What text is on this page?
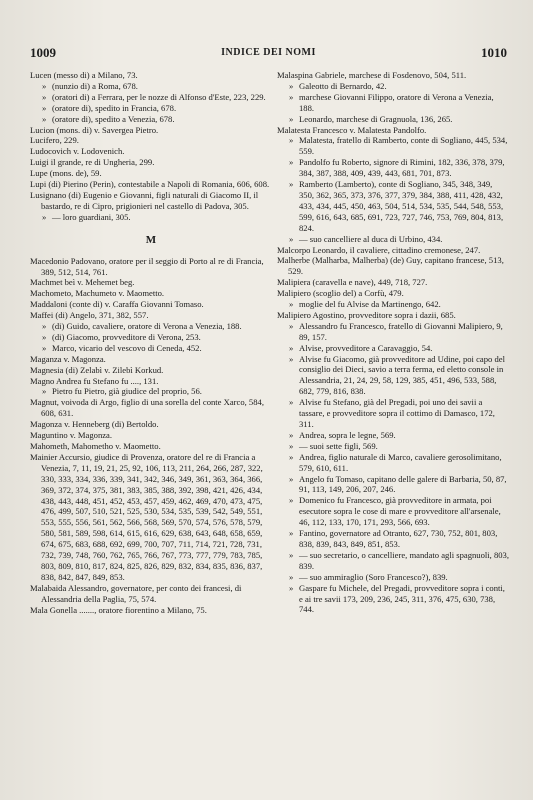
1009	INDICE DEI NOMI	1010
Lucen (messo di) a Milano, 73.
» (nunzio di) a Roma, 678.
» (oratori di) a Ferrara, per le nozze di Alfonso d'Este, 223, 229.
» (oratore di), spedito in Francia, 678.
» (oratore di), spedito a Venezia, 678.
Lucion (mons. di) v. Savergea Pietro.
Lucifero, 229.
Ludocovich v. Lodovenich.
Luigi il grande, re di Ungheria, 299.
Lupe (mons. de), 59.
Lupi (di) Pierino (Perin), contestabile a Napoli di Romania, 606, 608.
Lusignano (di) Eugenio e Giovanni, figli naturali di Giacomo II, il bastardo, re di Cipro, prigionieri nel castello di Padova, 305.
» — loro guardiani, 305.
M
Macedonio Padovano, oratore per il seggio di Porto al re di Francia, 389, 512, 514, 761.
Machmet beì v. Mehemet beg.
Machometo, Machumeto v. Maometto.
Maddaloni (conte di) v. Caraffa Giovanni Tomaso.
Maffei (di) Angelo, 371, 382, 557.
» (di) Guido, cavaliere, oratore di Verona a Venezia, 188.
» (di) Giacomo, provveditore di Verona, 253.
» Marco, vicario del vescovo di Ceneda, 452.
Maganza v. Magonza.
Magnesia (di) Zelabì v. Zilebì Korkud.
Magno Andrea fu Stefano fu ...., 131.
» Pietro fu Pietro, già giudice del proprio, 56.
Magnut, voivoda di Argo, figlio di una sorella del conte Xarco, 584, 608, 631.
Magonza v. Henneberg (di) Bertoldo.
Maguntino v. Magonza.
Mahometh, Mahometho v. Maometto.
Mainier Accursio, giudice di Provenza, oratore del re di Francia a Venezia, 7, 11, 19, 21, 25, 92, 106, 113, 211, 264, 266, 287, 322, 330, 333, 334, 336, 339, 341, 342, 346, 349, 361, 363, 364, 366, 369, 372, 374, 375, 381, 383, 385, 388, 392, 398, 421, 426, 434, 438, 443, 448, 451, 452, 453, 457, 459, 462, 469, 470, 473, 475, 476, 499, 507, 510, 521, 525, 530, 534, 535, 539, 542, 549, 551, 553, 555, 556, 561, 562, 566, 568, 569, 570, 574, 576, 578, 579, 580, 581, 589, 598, 614, 615, 616, 629, 638, 643, 648, 658, 659, 674, 675, 683, 688, 692, 699, 700, 707, 711, 714, 721, 728, 731, 732, 739, 748, 760, 762, 765, 766, 767, 773, 777, 779, 783, 785, 803, 809, 810, 817, 824, 825, 826, 829, 832, 834, 835, 836, 837, 838, 842, 847, 849, 853.
Malabaida Alessandro, governatore, per conto dei francesi, di Alessandria della Paglia, 75, 574.
Mala Gonella ......., oratore fiorentino a Milano, 75.
Malaspina Gabriele, marchese di Fosdenovo, 504, 511.
» Galeotto di Bernardo, 42.
» marchese Giovanni Filippo, oratore di Verona a Venezia, 188.
» Leonardo, marchese di Gragnuola, 136, 265.
Malatesta Francesco v. Malatesta Pandolfo.
» Malatesta, fratello di Ramberto, conte di Sogliano, 445, 534, 559.
» Pandolfo fu Roberto, signore di Rimini, 182, 336, 378, 379, 384, 387, 388, 409, 439, 443, 681, 701, 873.
» Ramberto (Lamberto), conte di Sogliano, 345, 348, 349, 350, 362, 365, 373, 376, 377, 379, 384, 388, 411, 428, 432, 433, 434, 445, 450, 463, 504, 514, 534, 535, 544, 548, 553, 599, 616, 643, 685, 691, 723, 727, 746, 753, 769, 804, 813, 824.
» — suo cancelliere al duca di Urbino, 434.
Malcorpo Leonardo, il cavaliere, cittadino cremonese, 247.
Malherbe (Malharba, Malherba) (de) Guy, capitano francese, 513, 529.
Malipiera (caravella e nave), 449, 718, 727.
Malipiero (scoglio del) a Corfù, 479.
» moglie del fu Alvise da Martinengo, 642.
Malipiero Agostino, provveditore sopra i dazii, 685.
» Alessandro fu Francesco, fratello di Giovanni Malipiero, 9, 89, 157.
» Alvise, provveditore a Caravaggio, 54.
» Alvise fu Giacomo, già provveditore ad Udine, poi capo del consiglio dei Dieci, savio a terra ferma, ed eletto console in Alessandria, 21, 24, 29, 58, 129, 385, 451, 496, 533, 588, 682, 779, 816, 838.
» Alvise fu Stefano, già del Pregadi, poi uno dei savii a tassare, e provveditore sopra il cottimo di Damasco, 172, 311.
» Andrea, sopra le legne, 569.
» — suoi sette figli, 569.
» Andrea, figlio naturale di Marco, cavaliere gerosolimitano, 579, 610, 611.
» Angelo fu Tomaso, capitano delle galere di Barbaria, 50, 87, 91, 113, 149, 206, 207, 246.
» Domenico fu Francesco, già provveditore in armata, poi esecutore sopra le cose di mare e provveditore all'arsenale, 46, 112, 133, 170, 171, 293, 566, 693.
» Fantino, governatore ad Otranto, 627, 730, 752, 801, 803, 838, 839, 843, 849, 851, 853.
» — suo secretario, o cancelliere, mandato agli spagnuoli, 803, 839.
» — suo ammiraglio (Soro Francesco?), 839.
» Gaspare fu Michele, del Pregadi, provveditore sopra i conti, e ai tre savii 173, 209, 236, 245, 311, 376, 475, 630, 738, 744.
